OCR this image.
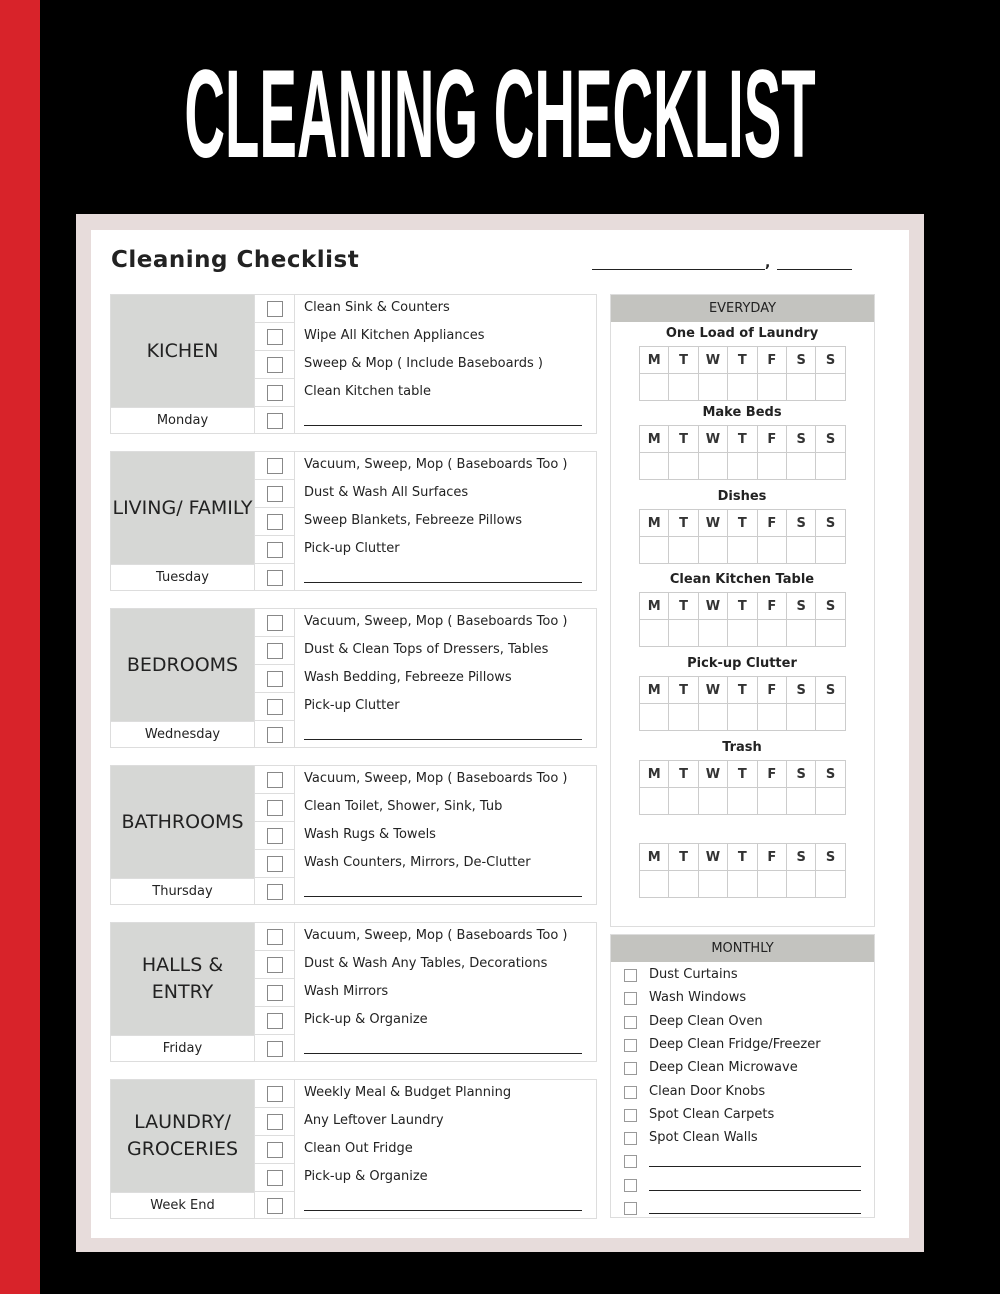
CLEANING CHECKLIST
Cleaning Checklist	,
KICHEN
Monday
Clean Sink & Counters
Wipe All Kitchen Appliances
Sweep & Mop ( Include Baseboards )
Clean Kitchen table
LIVING/ FAMILY
Tuesday
Vacuum, Sweep, Mop ( Baseboards Too )
Dust & Wash All Surfaces
Sweep Blankets, Febreeze Pillows
Pick-up Clutter
BEDROOMS
Wednesday
Vacuum, Sweep, Mop ( Baseboards Too )
Dust & Clean Tops of Dressers, Tables
Wash Bedding, Febreeze Pillows
Pick-up Clutter
BATHROOMS
Thursday
Vacuum, Sweep, Mop ( Baseboards Too )
Clean Toilet, Shower, Sink, Tub
Wash Rugs & Towels
Wash Counters, Mirrors, De-Clutter
HALLS & ENTRY
Friday
Vacuum, Sweep, Mop ( Baseboards Too )
Dust & Wash Any Tables, Decorations
Wash Mirrors
Pick-up & Organize
LAUNDRY/ GROCERIES
Week End
Weekly Meal & Budget Planning
Any Leftover Laundry
Clean Out Fridge
Pick-up & Organize
EVERYDAY
One Load of Laundry
M	T	W	T	F	S	S

Make Beds
M	T	W	T	F	S	S

Dishes
M	T	W	T	F	S	S

Clean Kitchen Table
M	T	W	T	F	S	S

Pick-up Clutter
M	T	W	T	F	S	S

Trash
M	T	W	T	F	S	S

M	T	W	T	F	S	S

MONTHLY
Dust Curtains
Wash Windows
Deep Clean Oven
Deep Clean Fridge/Freezer
Deep Clean Microwave
Clean Door Knobs
Spot Clean Carpets
Spot Clean Walls
